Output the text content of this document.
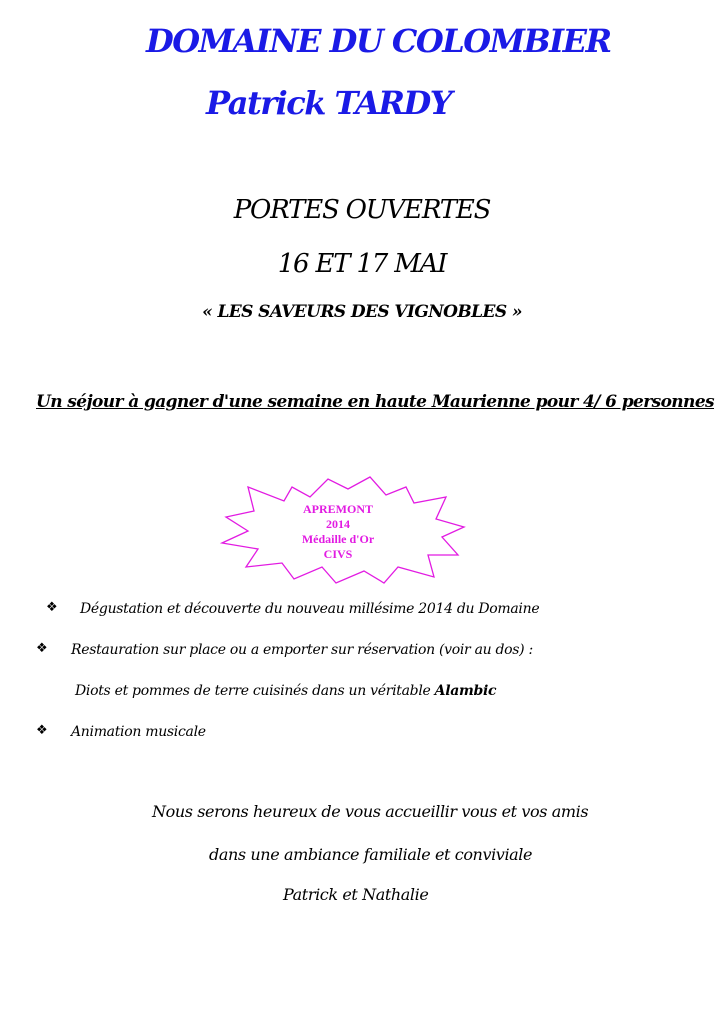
DOMAINE DU COLOMBIER
Patrick TARDY
PORTES OUVERTES
16 ET 17 MAI
« LES SAVEURS DES VIGNOBLES »
Un séjour à gagner d'une semaine en haute Maurienne pour 4/ 6 personnes
APREMONT
2014
Médaille d'Or
CIVS
❖ Dégustation et découverte du nouveau millésime 2014 du Domaine
❖ Restauration sur place ou a emporter sur réservation (voir au dos) :
Diots et pommes de terre cuisinés dans un véritable Alambic
❖ Animation musicale
Nous serons heureux de vous accueillir vous et vos amis
dans une ambiance familiale et conviviale
Patrick et Nathalie
